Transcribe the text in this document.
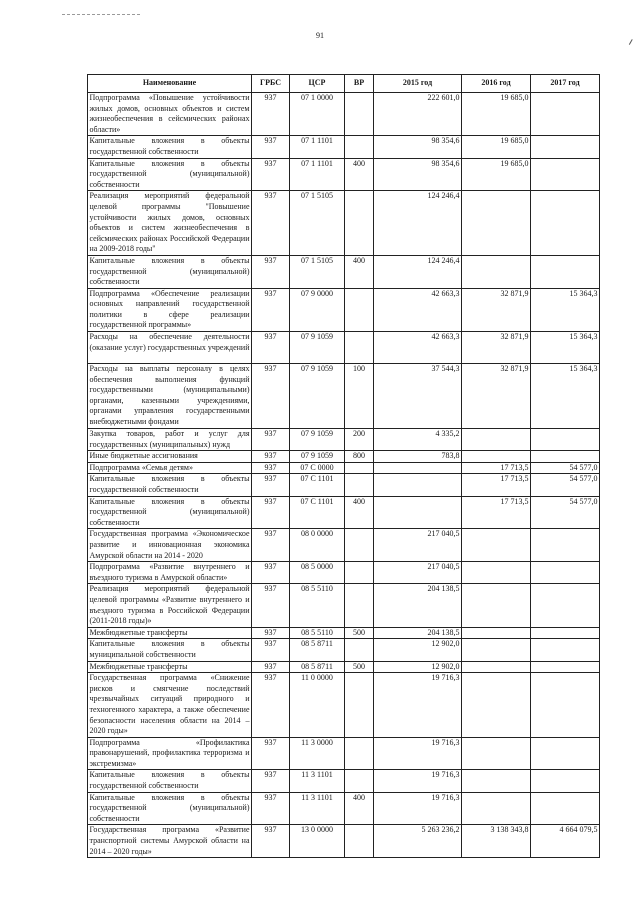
91
Наименование	ГРБС	ЦСР	ВР	2015 год	2016 год	2017 год
Подпрограмма «Повышение устойчивости жилых домов, основных объектов и систем жизнеобеспечения в сейсмических районах области»	937	07 1 0000		222 601,0	19 685,0	
Капитальные вложения в объекты государственной собственности	937	07 1 1101		98 354,6	19 685,0	
Капитальные вложения в объекты государственной (муниципальной) собственности	937	07 1 1101	400	98 354,6	19 685,0	
Реализация мероприятий федеральной целевой программы "Повышение устойчивости жилых домов, основных объектов и систем жизнеобеспечения в сейсмических районах Российской Федерации на 2009-2018 годы"	937	07 1 5105		124 246,4		
Капитальные вложения в объекты государственной (муниципальной) собственности	937	07 1 5105	400	124 246,4		
Подпрограмма «Обеспечение реализации основных направлений государственной политики в сфере реализации государственной программы»	937	07 9 0000		42 663,3	32 871,9	15 364,3
Расходы на обеспечение деятельности (оказание услуг) государственных учреждений	937	07 9 1059		42 663,3	32 871,9	15 364,3
Расходы на выплаты персоналу в целях обеспечения выполнения функций государственными (муниципальными) органами, казенными учреждениями, органами управления государственными внебюджетными фондами	937	07 9 1059	100	37 544,3	32 871,9	15 364,3
Закупка товаров, работ и услуг для государственных (муниципальных) нужд	937	07 9 1059	200	4 335,2		
Иные бюджетные ассигнования	937	07 9 1059	800	783,8		
Подпрограмма «Семья детям»	937	07 С 0000			17 713,5	54 577,0
Капитальные вложения в объекты государственной собственности	937	07 С 1101			17 713,5	54 577,0
Капитальные вложения в объекты государственной (муниципальной) собственности	937	07 С 1101	400		17 713,5	54 577,0
Государственная программа «Экономическое развитие и инновационная экономика Амурской области на 2014 - 2020	937	08 0 0000		217 040,5		
Подпрограмма «Развитие внутреннего и въездного туризма в Амурской области»	937	08 5 0000		217 040,5		
Реализация мероприятий федеральной целевой программы «Развитие внутреннего и въездного туризма в Российской Федерации (2011-2018 годы)»	937	08 5 5110		204 138,5		
Межбюджетные трансферты	937	08 5 5110	500	204 138,5		
Капитальные вложения в объекты муниципальной собственности	937	08 5 8711		12 902,0		
Межбюджетные трансферты	937	08 5 8711	500	12 902,0		
Государственная программа «Снижение рисков и смягчение последствий чрезвычайных ситуаций природного и техногенного характера, а также обеспечение безопасности населения области на 2014 – 2020 годы»	937	11 0 0000		19 716,3		
Подпрограмма «Профилактика правонарушений, профилактика терроризма и экстремизма»	937	11 3 0000		19 716,3		
Капитальные вложения в объекты государственной собственности	937	11 3 1101		19 716,3		
Капитальные вложения в объекты государственной (муниципальной) собственности	937	11 3 1101	400	19 716,3		
Государственная программа «Развитие транспортной системы Амурской области на 2014 – 2020 годы»	937	13 0 0000		5 263 236,2	3 138 343,8	4 664 079,5
